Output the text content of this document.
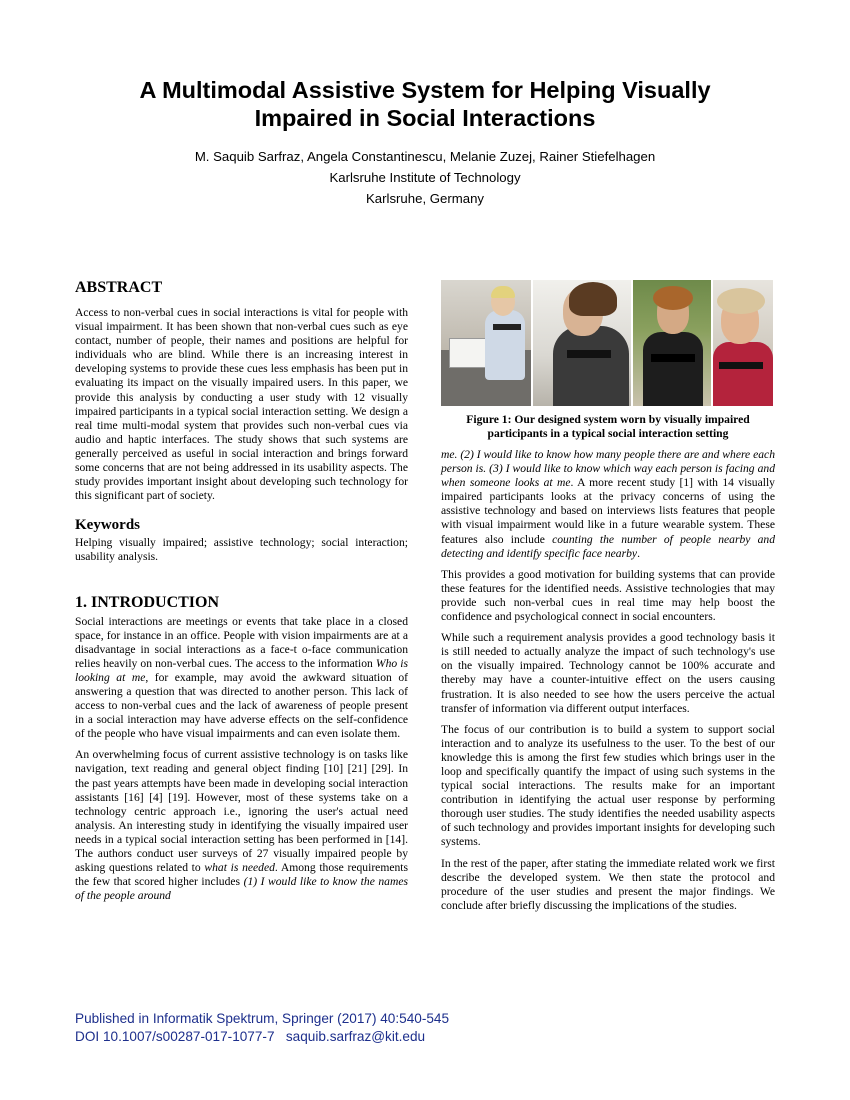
A Multimodal Assistive System for Helping Visually
Impaired in Social Interactions
M. Saquib Sarfraz, Angela Constantinescu, Melanie Zuzej, Rainer Stiefelhagen
Karlsruhe Institute of Technology
Karlsruhe, Germany
ABSTRACT

Access to non-verbal cues in social interactions is vital for people with visual impairment. It has been shown that non-verbal cues such as eye contact, number of people, their names and positions are helpful for individuals who are blind. While there is an increasing interest in developing systems to provide these cues less emphasis has been put in evaluating its impact on the visually impaired users. In this paper, we provide this analysis by conducting a user study with 12 visually impaired participants in a typical social interaction setting. We design a real time multi-modal system that provides such non-verbal cues via audio and haptic interfaces. The study shows that such systems are generally perceived as useful in social interaction and brings forward some concerns that are not being addressed in its usability aspects. The study provides important insight about developing such technology for this significant part of society.

Keywords

Helping visually impaired; assistive technology; social interaction; usability analysis.

1. INTRODUCTION

Social interactions are meetings or events that take place in a closed space, for instance in an office. People with vision impairments are at a disadvantage in social interactions as a face-t o-face communication relies heavily on non-verbal cues. The access to the information Who is looking at me, for example, may avoid the awkward situation of answering a question that was directed to another person. This lack of access to non-verbal cues and the lack of awareness of people present in a social interaction may have adverse effects on the self-confidence of the people who have visual impairments and can even isolate them.

An overwhelming focus of current assistive technology is on tasks like navigation, text reading and general object finding [10] [21] [29]. In the past years attempts have been made in developing social interaction assistants [16] [4] [19]. However, most of these systems take on a technology centric approach i.e., ignoring the user's actual need analysis. An interesting study in identifying the visually impaired user needs in a typical social interaction setting has been performed in [14]. The authors conduct user surveys of 27 visually impaired people by asking questions related to what is needed. Among those requirements the few that scored higher includes (1) I would like to know the names of the people around

Figure 1: Our designed system worn by visually impaired participants in a typical social interaction setting

me. (2) I would like to know how many people there are and where each person is. (3) I would like to know which way each person is facing and when someone looks at me. A more recent study [1] with 14 visually impaired participants looks at the privacy concerns of using the assistive technology and based on interviews lists features that people with visual impairment would like in a future wearable system. These features also include counting the number of people nearby and detecting and identify specific face nearby.

This provides a good motivation for building systems that can provide these features for the identified needs. Assistive technologies that may provide such non-verbal cues in real time may help boost the confidence and psychological connect in social encounters.

While such a requirement analysis provides a good technology basis it is still needed to actually analyze the impact of such technology's use on the visually impaired. Technology cannot be 100% accurate and thereby may have a counter-intuitive effect on the users causing frustration. It is also needed to see how the users perceive the actual transfer of information via different output interfaces.

The focus of our contribution is to build a system to support social interaction and to analyze its usefulness to the user. To the best of our knowledge this is among the first few studies which brings user in the loop and specifically quantify the impact of using such systems in the typical social interactions. The results make for an important contribution in identifying the actual user response by performing thorough user studies. The study identifies the needed usability aspects of such technology and provides important insights for developing such systems.

In the rest of the paper, after stating the immediate related work we first describe the developed system. We then state the protocol and procedure of the user studies and present the major findings. We conclude after briefly discussing the implications of the studies.

Published in Informatik Spektrum, Springer (2017) 40:540-545
DOI 10.1007/s00287-017-1077-7 saquib.sarfraz@kit.edu
